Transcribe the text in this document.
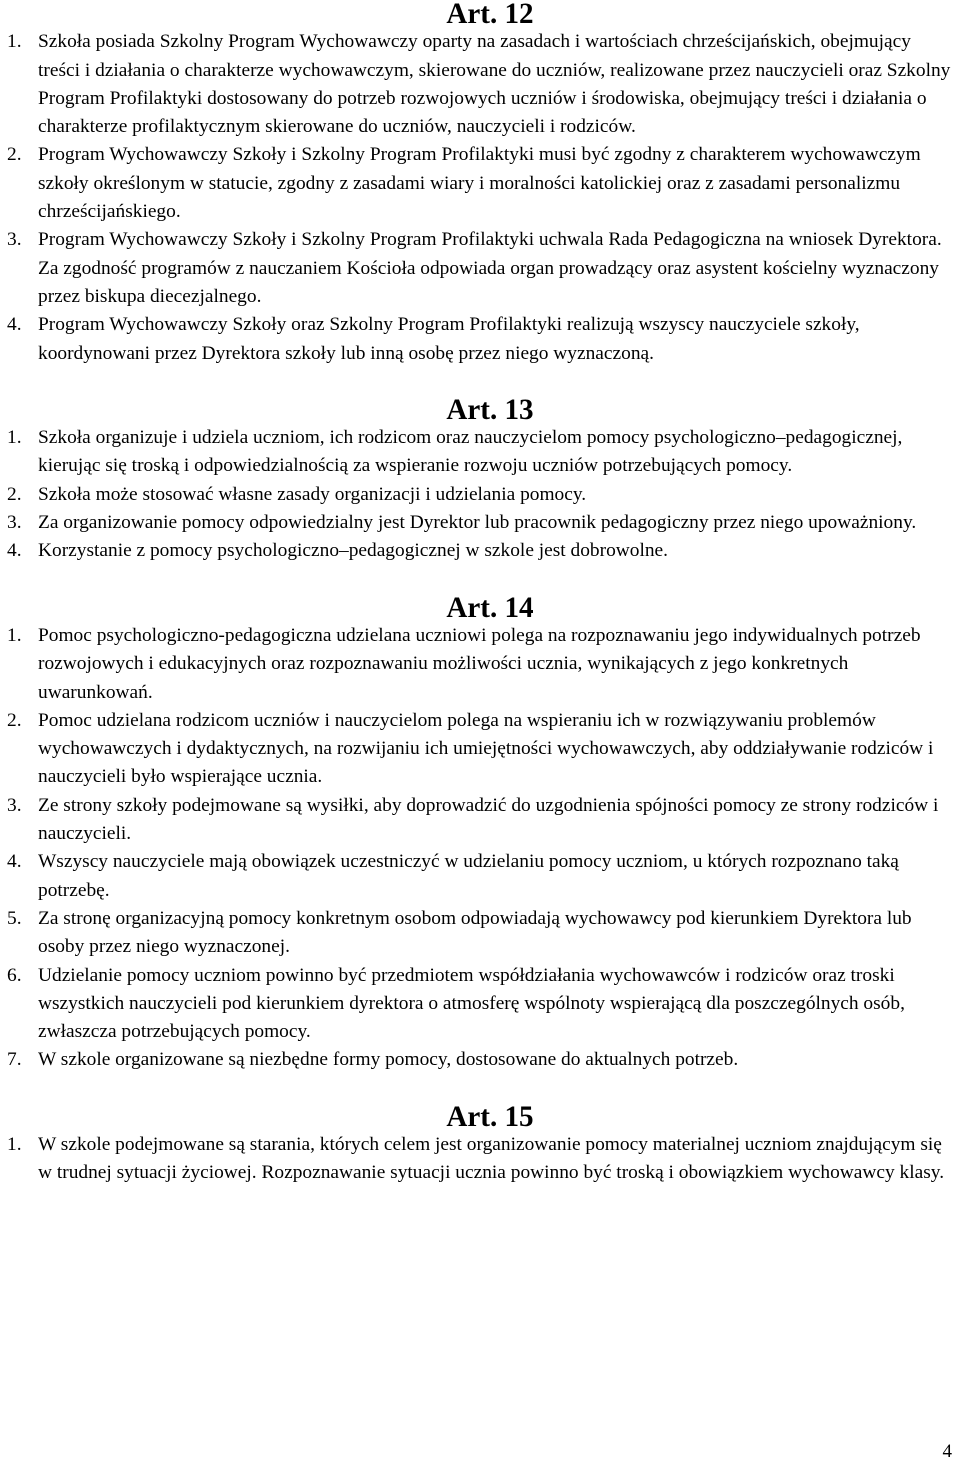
Art. 12
1. Szkoła posiada Szkolny Program Wychowawczy oparty na zasadach i wartościach chrześcijańskich, obejmujący treści i działania o charakterze wychowawczym, skierowane do uczniów, realizowane przez nauczycieli oraz Szkolny Program Profilaktyki dostosowany do potrzeb rozwojowych uczniów i środowiska, obejmujący treści i działania o charakterze profilaktycznym skierowane do uczniów, nauczycieli i rodziców.
2. Program Wychowawczy Szkoły i Szkolny Program Profilaktyki musi być zgodny z charakterem wychowawczym szkoły określonym w statucie, zgodny z zasadami wiary i moralności katolickiej oraz z zasadami personalizmu chrześcijańskiego.
3. Program Wychowawczy Szkoły i Szkolny Program Profilaktyki uchwala Rada Pedagogiczna na wniosek Dyrektora. Za zgodność programów z nauczaniem Kościoła odpowiada organ prowadzący oraz asystent kościelny wyznaczony przez biskupa diecezjalnego.
4. Program Wychowawczy Szkoły oraz Szkolny Program Profilaktyki realizują wszyscy nauczyciele szkoły, koordynowani przez Dyrektora szkoły lub inną osobę przez niego wyznaczoną.
Art. 13
1. Szkoła organizuje i udziela uczniom, ich rodzicom oraz nauczycielom pomocy psychologiczno–pedagogicznej, kierując się troską i odpowiedzialnością za wspieranie rozwoju uczniów potrzebujących pomocy.
2. Szkoła może stosować własne zasady organizacji i udzielania pomocy.
3. Za organizowanie pomocy odpowiedzialny jest Dyrektor lub pracownik pedagogiczny przez niego upoważniony.
4. Korzystanie z pomocy psychologiczno–pedagogicznej w szkole jest dobrowolne.
Art. 14
1. Pomoc psychologiczno-pedagogiczna udzielana uczniowi polega na rozpoznawaniu jego indywidualnych potrzeb rozwojowych i edukacyjnych oraz rozpoznawaniu możliwości ucznia, wynikających z jego konkretnych uwarunkowań.
2. Pomoc udzielana rodzicom uczniów i nauczycielom polega na wspieraniu ich w rozwiązywaniu problemów wychowawczych i dydaktycznych, na rozwijaniu ich umiejętności wychowawczych, aby oddziaływanie rodziców i nauczycieli było wspierające ucznia.
3. Ze strony szkoły podejmowane są wysiłki, aby doprowadzić do uzgodnienia spójności pomocy ze strony rodziców i nauczycieli.
4. Wszyscy nauczyciele mają obowiązek uczestniczyć w udzielaniu pomocy uczniom, u których rozpoznano taką potrzebę.
5. Za stronę organizacyjną pomocy konkretnym osobom odpowiadają wychowawcy pod kierunkiem Dyrektora lub osoby przez niego wyznaczonej.
6. Udzielanie pomocy uczniom powinno być przedmiotem współdziałania wychowawców i rodziców oraz troski wszystkich nauczycieli pod kierunkiem dyrektora o atmosferę wspólnoty wspierającą dla poszczególnych osób, zwłaszcza potrzebujących pomocy.
7. W szkole organizowane są niezbędne formy pomocy, dostosowane do aktualnych potrzeb.
Art. 15
1. W szkole podejmowane są starania, których celem jest organizowanie pomocy materialnej uczniom znajdującym się w trudnej sytuacji życiowej. Rozpoznawanie sytuacji ucznia powinno być troską i obowiązkiem wychowawcy klasy.
4
